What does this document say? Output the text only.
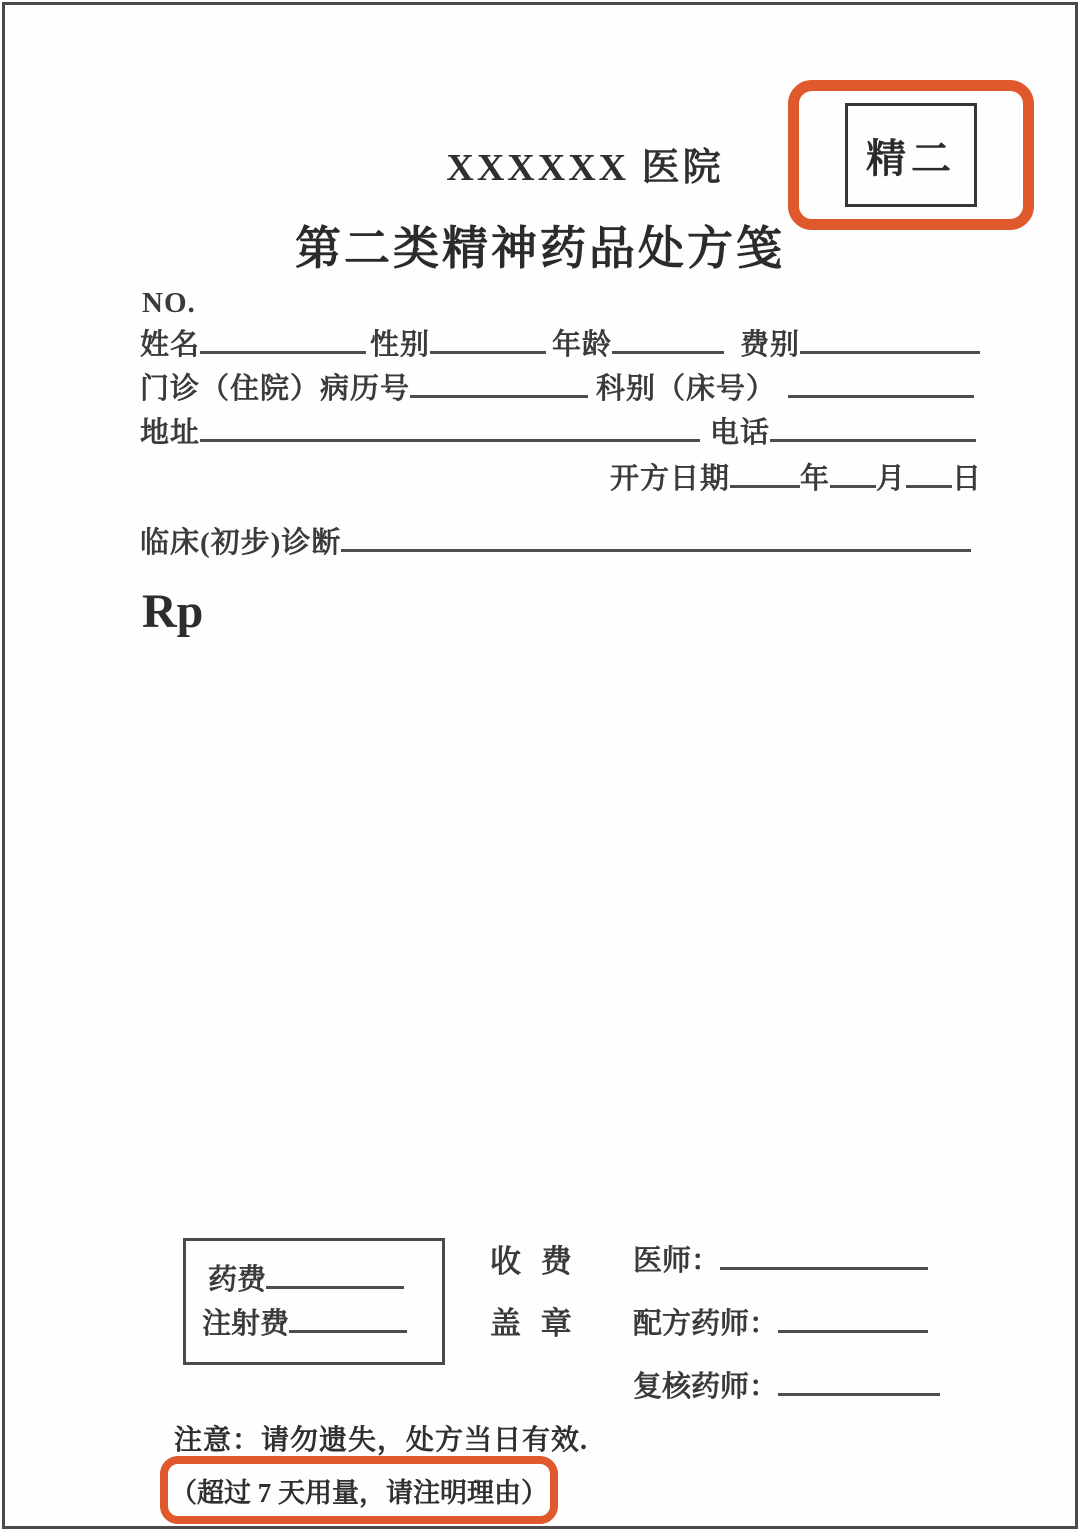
XXXXXX 医院	精二
第二类精神药品处方笺
NO.
姓名	性别	年龄	费别
门诊（住院）病历号	科别（床号）
地址	电话
开方日期 年 月 日
临床(初步)诊断
Rp
药费
注射费
收 费
盖 章
医师：
配方药师：
复核药师：
注意：请勿遗失，处方当日有效.
（超过 7 天用量，请注明理由）
